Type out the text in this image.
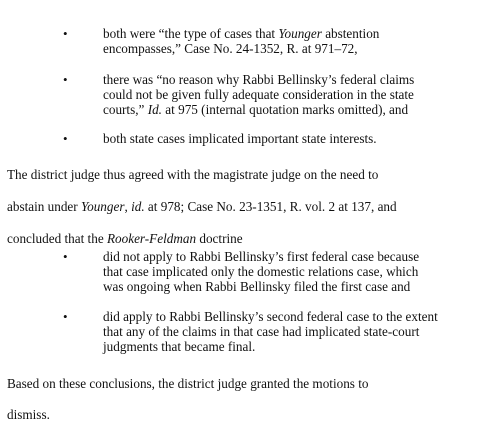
•	both were “the type of cases that Younger abstention
encompasses,” Case No. 24-1352, R. at 971–72,
•	there was “no reason why Rabbi Bellinsky’s federal claims
could not be given fully adequate consideration in the state
courts,” Id. at 975 (internal quotation marks omitted), and
•	both state cases implicated important state interests.
The district judge thus agreed with the magistrate judge on the need to
abstain under Younger, id. at 978; Case No. 23-1351, R. vol. 2 at 137, and
concluded that the Rooker-Feldman doctrine
•	did not apply to Rabbi Bellinsky’s first federal case because
that case implicated only the domestic relations case, which
was ongoing when Rabbi Bellinsky filed the first case and
•	did apply to Rabbi Bellinsky’s second federal case to the extent
that any of the claims in that case had implicated state-court
judgments that became final.
Based on these conclusions, the district judge granted the motions to
dismiss.
